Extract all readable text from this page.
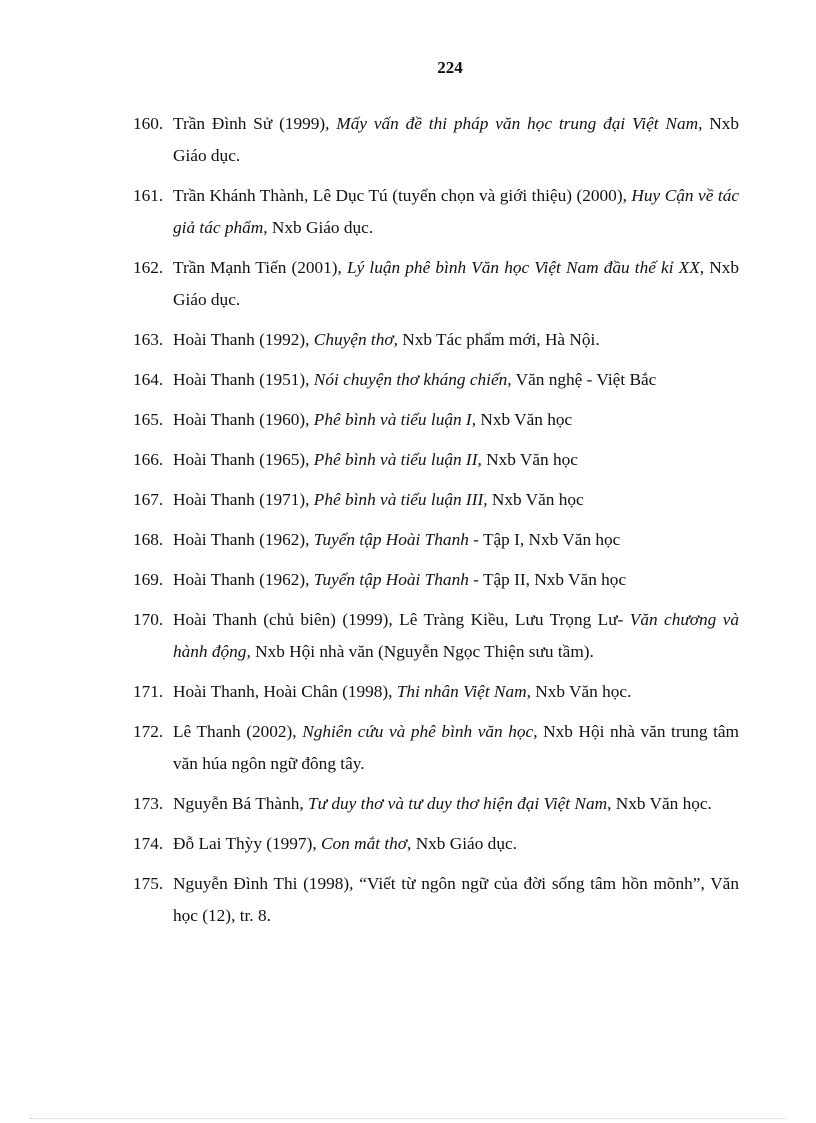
224
160. Trần Đình Sử (1999), Mấy vấn đề thi pháp văn học trung đại Việt Nam, Nxb Giáo dục.
161. Trần Khánh Thành, Lê Dục Tú (tuyển chọn và giới thiệu) (2000), Huy Cận về tác giả tác phẩm, Nxb Giáo dục.
162. Trần Mạnh Tiến (2001), Lý luận phê bình Văn học Việt Nam đầu thế kỉ XX, Nxb Giáo dục.
163. Hoài Thanh (1992), Chuyện thơ, Nxb Tác phẩm mới, Hà Nội.
164. Hoài Thanh (1951), Nói chuyện thơ kháng chiến, Văn nghệ - Việt Bắc
165. Hoài Thanh (1960), Phê bình và tiểu luận I, Nxb Văn học
166. Hoài Thanh (1965), Phê bình và tiểu luận II, Nxb Văn học
167. Hoài Thanh (1971), Phê bình và tiểu luận III, Nxb Văn học
168. Hoài Thanh (1962), Tuyển tập Hoài Thanh - Tập I, Nxb Văn học
169. Hoài Thanh (1962), Tuyển tập Hoài Thanh - Tập II, Nxb Văn học
170. Hoài Thanh (chủ biên) (1999), Lê Tràng Kiều, Lưu Trọng Lư- Văn chương và hành động, Nxb Hội nhà văn (Nguyễn Ngọc Thiện sưu tầm).
171. Hoài Thanh, Hoài Chân (1998), Thi nhân Việt Nam, Nxb Văn học.
172. Lê Thanh (2002), Nghiên cứu và phê bình văn học, Nxb Hội nhà văn trung tâm văn húa ngôn ngữ đông tây.
173. Nguyễn Bá Thành, Tư duy thơ và tư duy thơ hiện đại Việt Nam, Nxb Văn học.
174. Đỗ Lai Thỳy (1997), Con mắt thơ, Nxb Giáo dục.
175. Nguyễn Đình Thi (1998), “Viết từ ngôn ngữ của đời sống tâm hồn mõnh”, Văn học (12), tr. 8.
